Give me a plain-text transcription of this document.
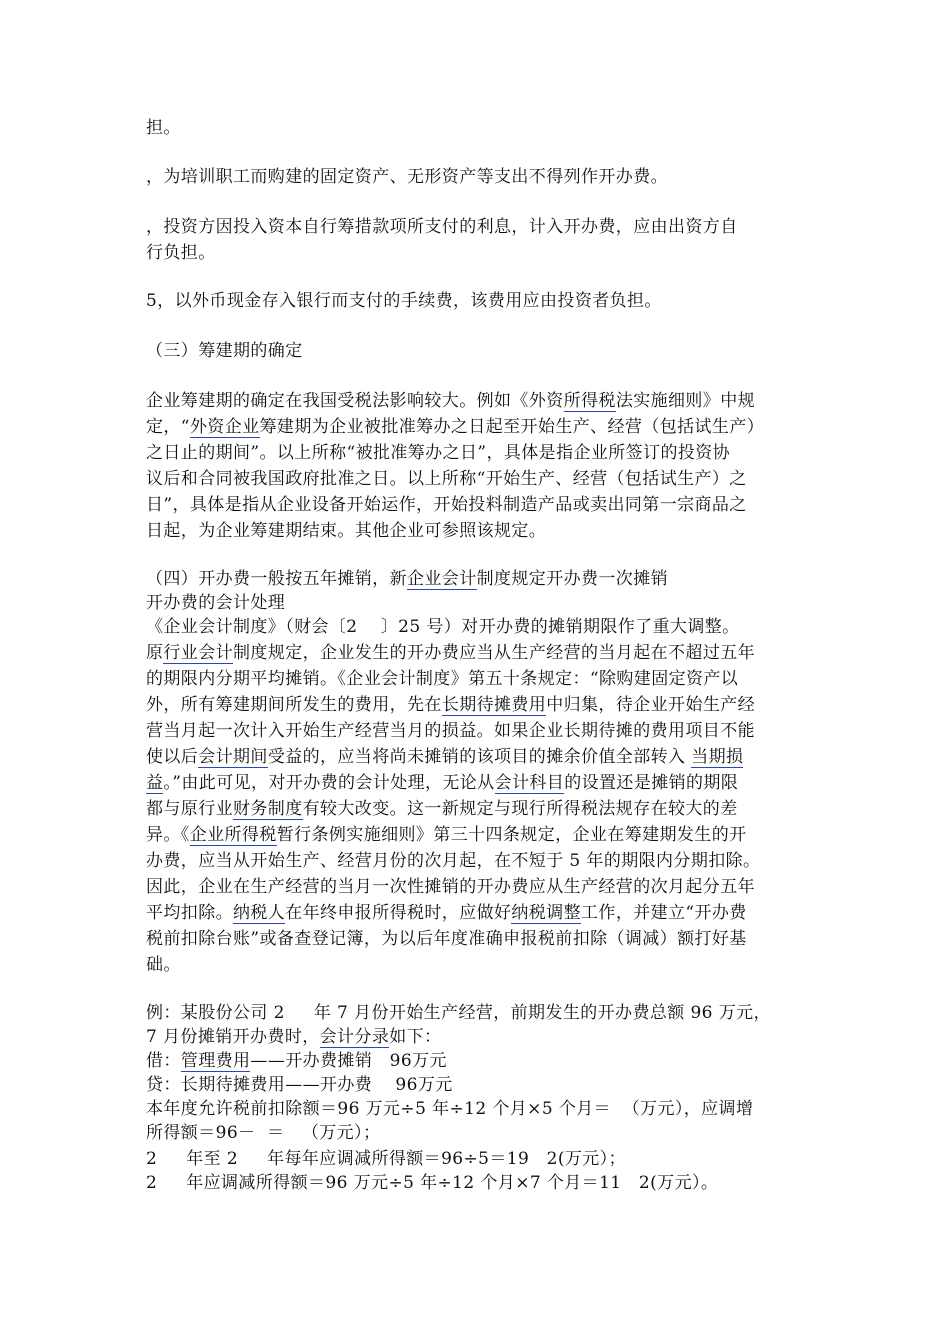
担。

，为培训职工而购建的固定资产、无形资产等支出不得列作开办费。

，投资方因投入资本自行筹措款项所支付的利息，计入开办费，应由出资方自

行负担。

5，以外币现金存入银行而支付的手续费，该费用应由投资者负担。

（三）筹建期的确定

企业筹建期的确定在我国受税法影响较大。例如《外资所得税法实施细则》中规

定，“外资企业筹建期为企业被批准筹办之日起至开始生产、经营（包括试生产）

之日止的期间”。以上所称“被批准筹办之日”，具体是指企业所签订的投资协

议后和合同被我国政府批准之日。以上所称“开始生产、经营（包括试生产）之

日”，具体是指从企业设备开始运作，开始投料制造产品或卖出同第一宗商品之

日起，为企业筹建期结束。其他企业可参照该规定。

（四）开办费一般按五年摊销，新企业会计制度规定开办费一次摊销

开办费的会计处理

《企业会计制度》（财会〔2    〕25 号）对开办费的摊销期限作了重大调整。

原行业会计制度规定，企业发生的开办费应当从生产经营的当月起在不超过五年

的期限内分期平均摊销。《企业会计制度》第五十条规定：“除购建固定资产以

外，所有筹建期间所发生的费用，先在长期待摊费用中归集，待企业开始生产经

营当月起一次计入开始生产经营当月的损益。如果企业长期待摊的费用项目不能

使以后会计期间受益的，应当将尚未摊销的该项目的摊余价值全部转入 当期损

益。”由此可见，对开办费的会计处理，无论从会计科目的设置还是摊销的期限

都与原行业财务制度有较大改变。这一新规定与现行所得税法规存在较大的差

异。《企业所得税暂行条例实施细则》第三十四条规定，企业在筹建期发生的开

办费，应当从开始生产、经营月份的次月起，在不短于 5 年的期限内分期扣除。

因此，企业在生产经营的当月一次性摊销的开办费应从生产经营的次月起分五年

平均扣除。纳税人在年终申报所得税时，应做好纳税调整工作，并建立“开办费

税前扣除台账”或备查登记簿，为以后年度准确申报税前扣除（调减）额打好基

础。

例：某股份公司 2     年 7 月份开始生产经营，前期发生的开办费总额 96 万元，

7 月份摊销开办费时，会计分录如下：

借：管理费用——开办费摊销   96万元

贷：长期待摊费用——开办费    96万元

本年度允许税前扣除额＝96 万元÷5 年÷12 个月×5 个月＝  （万元），应调增

所得额＝96－  ＝   （万元）；

2     年至 2     年每年应调减所得额＝96÷5＝19   2(万元）；

2     年应调减所得额＝96 万元÷5 年÷12 个月×7 个月＝11   2(万元）。
